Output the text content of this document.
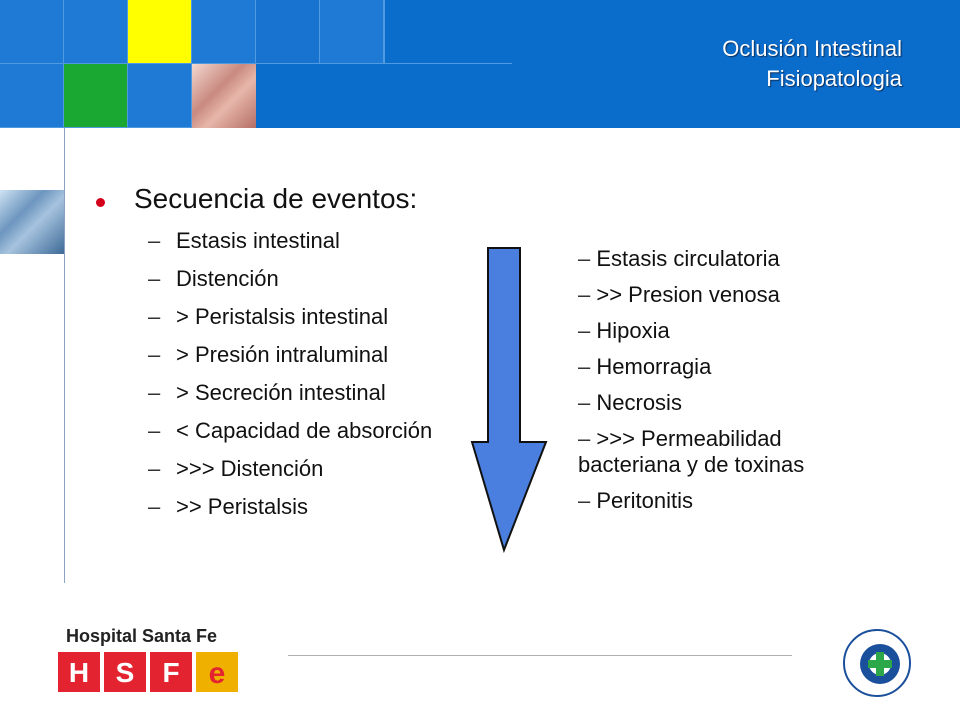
Oclusión Intestinal
Fisiopatologia
Secuencia de eventos:
– Estasis intestinal
– Distención
– > Peristalsis intestinal
– > Presión intraluminal
– > Secreción intestinal
– < Capacidad de absorción
– >>> Distención
– >> Peristalsis
– Estasis circulatoria
– >> Presion venosa
– Hipoxia
– Hemorragia
– Necrosis
– >>> Permeabilidad bacteriana y de toxinas
– Peritonitis
Hospital Santa Fe
H S F e
